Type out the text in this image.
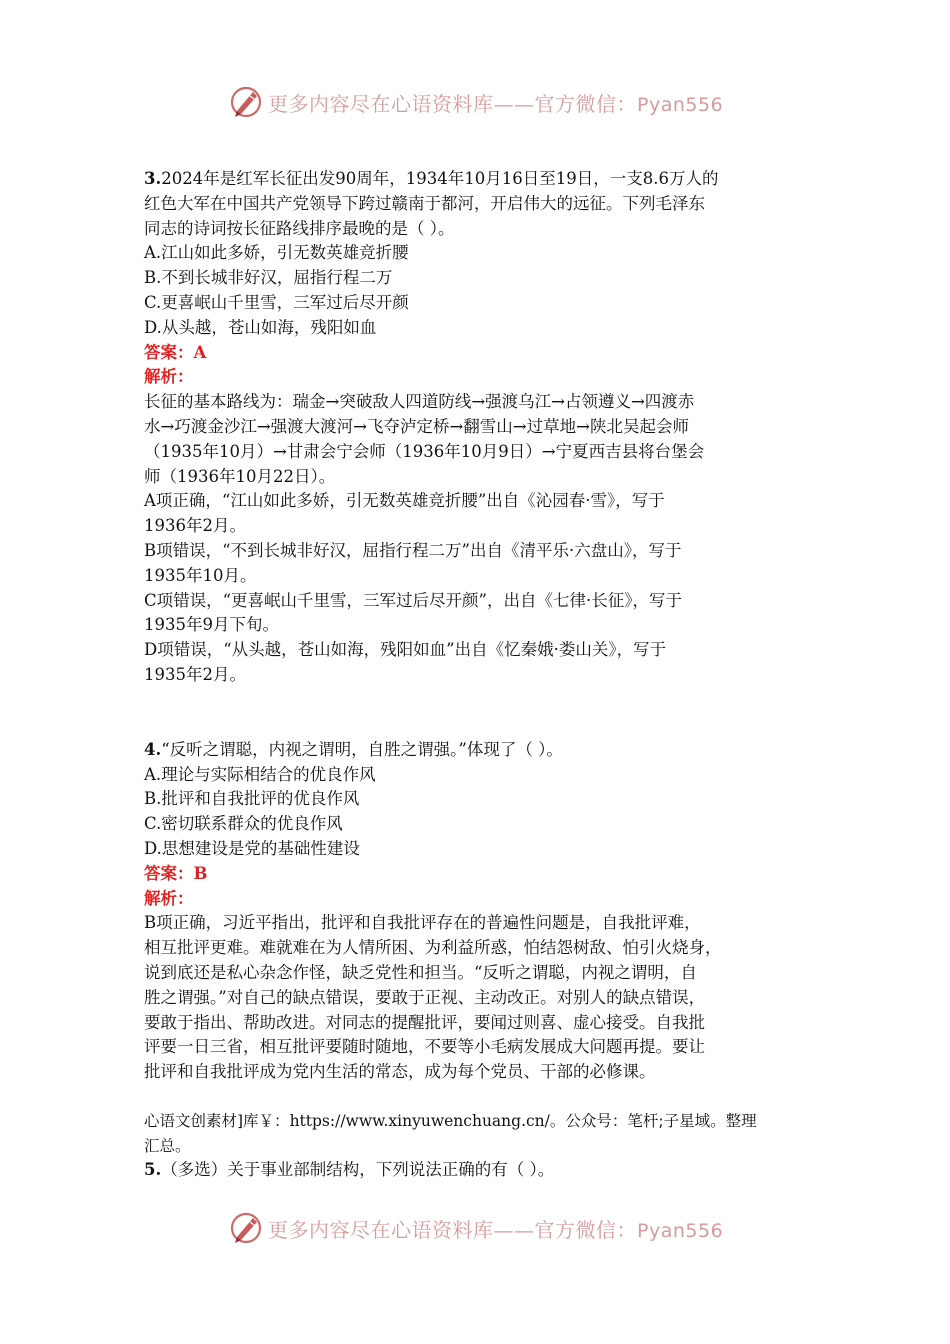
更多内容尽在心语资料库——官方微信：Pyan556

3.2024年是红军长征出发90周年，1934年10月16日至19日，一支8.6万人的

红色大军在中国共产党领导下跨过赣南于都河，开启伟大的远征。下列毛泽东

同志的诗词按长征路线排序最晚的是（ ）。

A.江山如此多娇，引无数英雄竞折腰

B.不到长城非好汉，屈指行程二万

C.更喜岷山千里雪，三军过后尽开颜

D.从头越，苍山如海，残阳如血

答案：A

解析：

长征的基本路线为：瑞金→突破敌人四道防线→强渡乌江→占领遵义→四渡赤

水→巧渡金沙江→强渡大渡河→飞夺泸定桥→翻雪山→过草地→陕北吴起会师

（1935年10月）→甘肃会宁会师（1936年10月9日）→宁夏西吉县将台堡会

师（1936年10月22日）。

A项正确，“江山如此多娇，引无数英雄竞折腰”出自《沁园春·雪》，写于

1936年2月。

B项错误，“不到长城非好汉，屈指行程二万”出自《清平乐·六盘山》，写于

1935年10月。

C项错误，“更喜岷山千里雪，三军过后尽开颜”，出自《七律·长征》，写于

1935年9月下旬。

D项错误，“从头越，苍山如海，残阳如血”出自《忆秦娥·娄山关》，写于

1935年2月。

4.“反听之谓聪，内视之谓明，自胜之谓强。”体现了（ ）。

A.理论与实际相结合的优良作风

B.批评和自我批评的优良作风

C.密切联系群众的优良作风

D.思想建设是党的基础性建设

答案：B

解析：

B项正确，习近平指出，批评和自我批评存在的普遍性问题是，自我批评难，

相互批评更难。难就难在为人情所困、为利益所惑，怕结怨树敌、怕引火烧身，

说到底还是私心杂念作怪，缺乏党性和担当。“反听之谓聪，内视之谓明，自

胜之谓强。”对自己的缺点错误，要敢于正视、主动改正。对别人的缺点错误，

要敢于指出、帮助改进。对同志的提醒批评，要闻过则喜、虚心接受。自我批

评要一日三省，相互批评要随时随地，不要等小毛病发展成大问题再提。要让

批评和自我批评成为党内生活的常态，成为每个党员、干部的必修课。

心语文创素材]库￥：https://www.xinyuwenchuang.cn/。公众号：笔杆;子星域。整理

汇总。

5.（多选）关于事业部制结构，下列说法正确的有（ ）。

更多内容尽在心语资料库——官方微信：Pyan556
